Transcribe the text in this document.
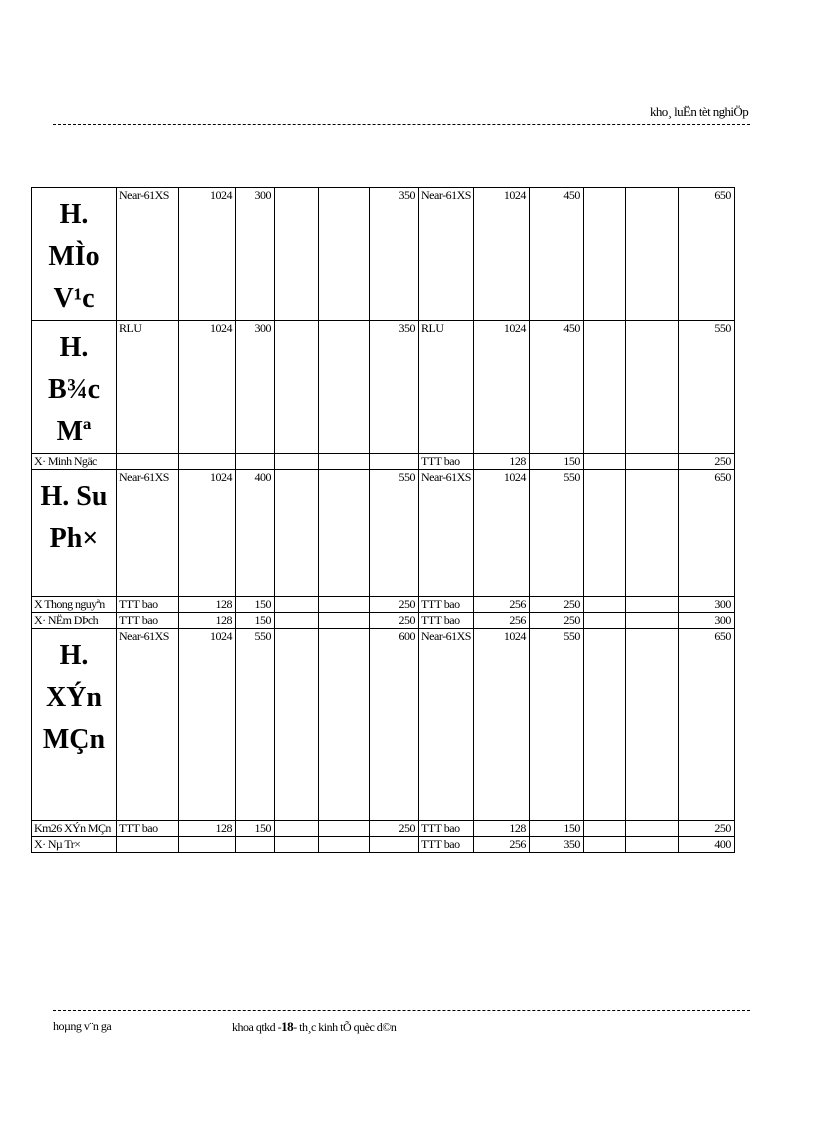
kho¸ luËn tèt nghiÖp
H. MÌo V¹c	Near-61XS	1024	300			350	Near-61XS	1024	450			650
H. B¾c Mª	RLU	1024	300			350	RLU	1024	450			550
X· Minh Ngäc							TTT bao	128	150			250
H. Su Ph×	Near-61XS	1024	400			550	Near-61XS	1024	550			650
X Thong nguyªn	TTT bao	128	150			250	TTT bao	256	250			300
X· NËm DÞch	TTT bao	128	150			250	TTT bao	256	250			300
H. XÝn MÇn	Near-61XS	1024	550			600	Near-61XS	1024	550			650
Km26 XÝn MÇn	TTT bao	128	150			250	TTT bao	128	150			250
X· Nµ Tr×							TTT bao	256	350			400
hoµng v¨n ga	khoa qtkd -18- th¸c kinh tÕ quèc d©n
